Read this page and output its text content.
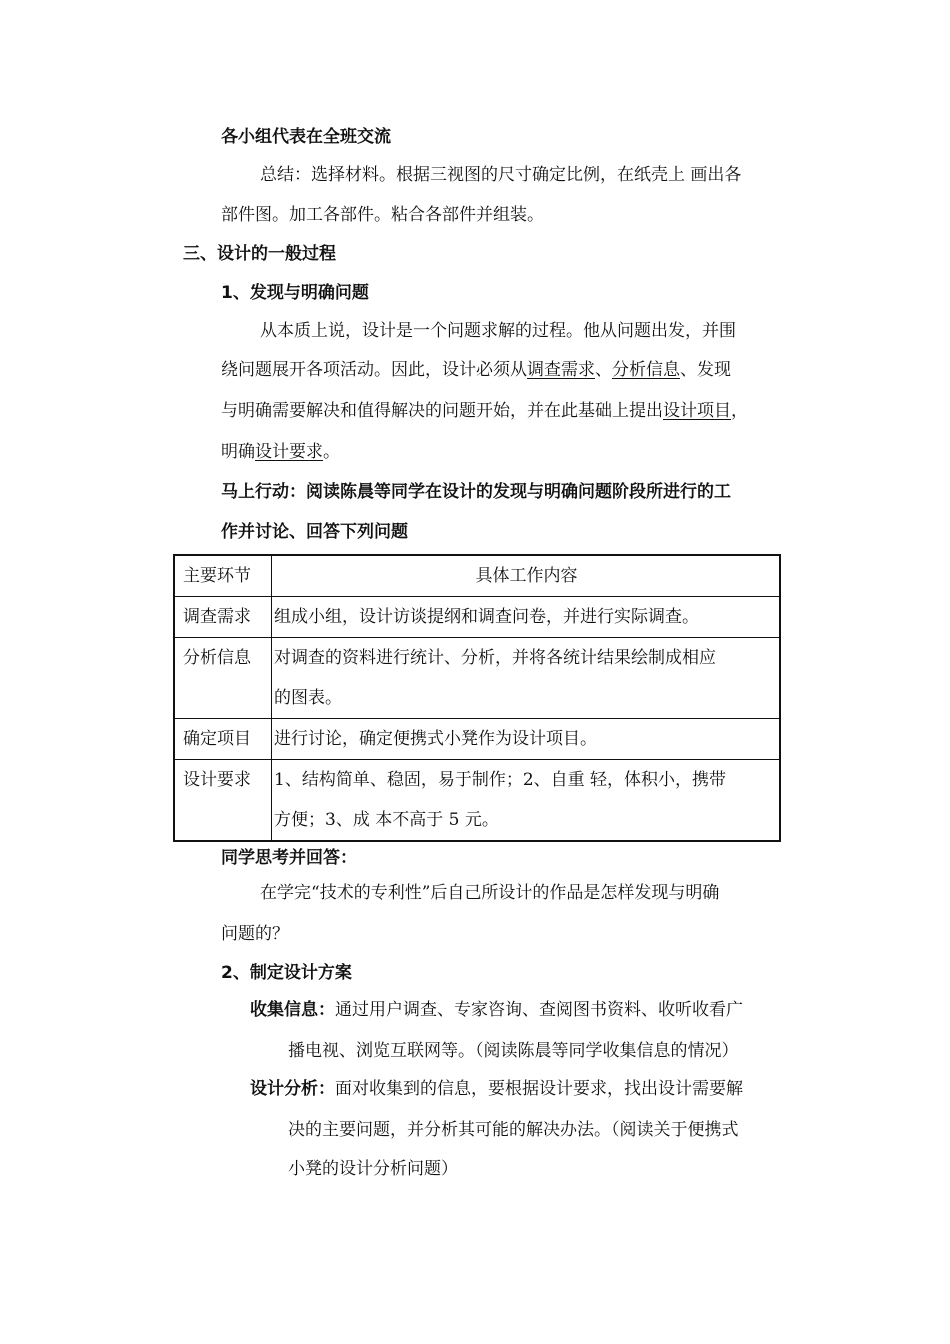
各小组代表在全班交流
总结：选择材料。根据三视图的尺寸确定比例，在纸壳上 画出各
部件图。加工各部件。粘合各部件并组装。
三、设计的一般过程
1、发现与明确问题
从本质上说，设计是一个问题求解的过程。他从问题出发，并围
绕问题展开各项活动。因此，设计必须从调查需求、分析信息、发现
与明确需要解决和值得解决的问题开始，并在此基础上提出设计项目，
明确设计要求。
马上行动：阅读陈晨等同学在设计的发现与明确问题阶段所进行的工
作并讨论、回答下列问题
主要环节	具体工作内容
调查需求	组成小组，设计访谈提纲和调查问卷，并进行实际调查。

分析信息	对调查的资料进行统计、分析，并将各统计结果绘制成相应
的图表。

确定项目	进行讨论，确定便携式小凳作为设计项目。

设计要求	1、结构简单、稳固，易于制作；2、自重 轻，体积小，携带
方便；3、成 本不高于 5 元。
同学思考并回答：
在学完“技术的专利性”后自己所设计的作品是怎样发现与明确
问题的？
2、制定设计方案
收集信息：通过用户调查、专家咨询、查阅图书资料、收听收看广
播电视、浏览互联网等。（阅读陈晨等同学收集信息的情况）
设计分析：面对收集到的信息，要根据设计要求，找出设计需要解
决的主要问题，并分析其可能的解决办法。（阅读关于便携式
小凳的设计分析问题）
